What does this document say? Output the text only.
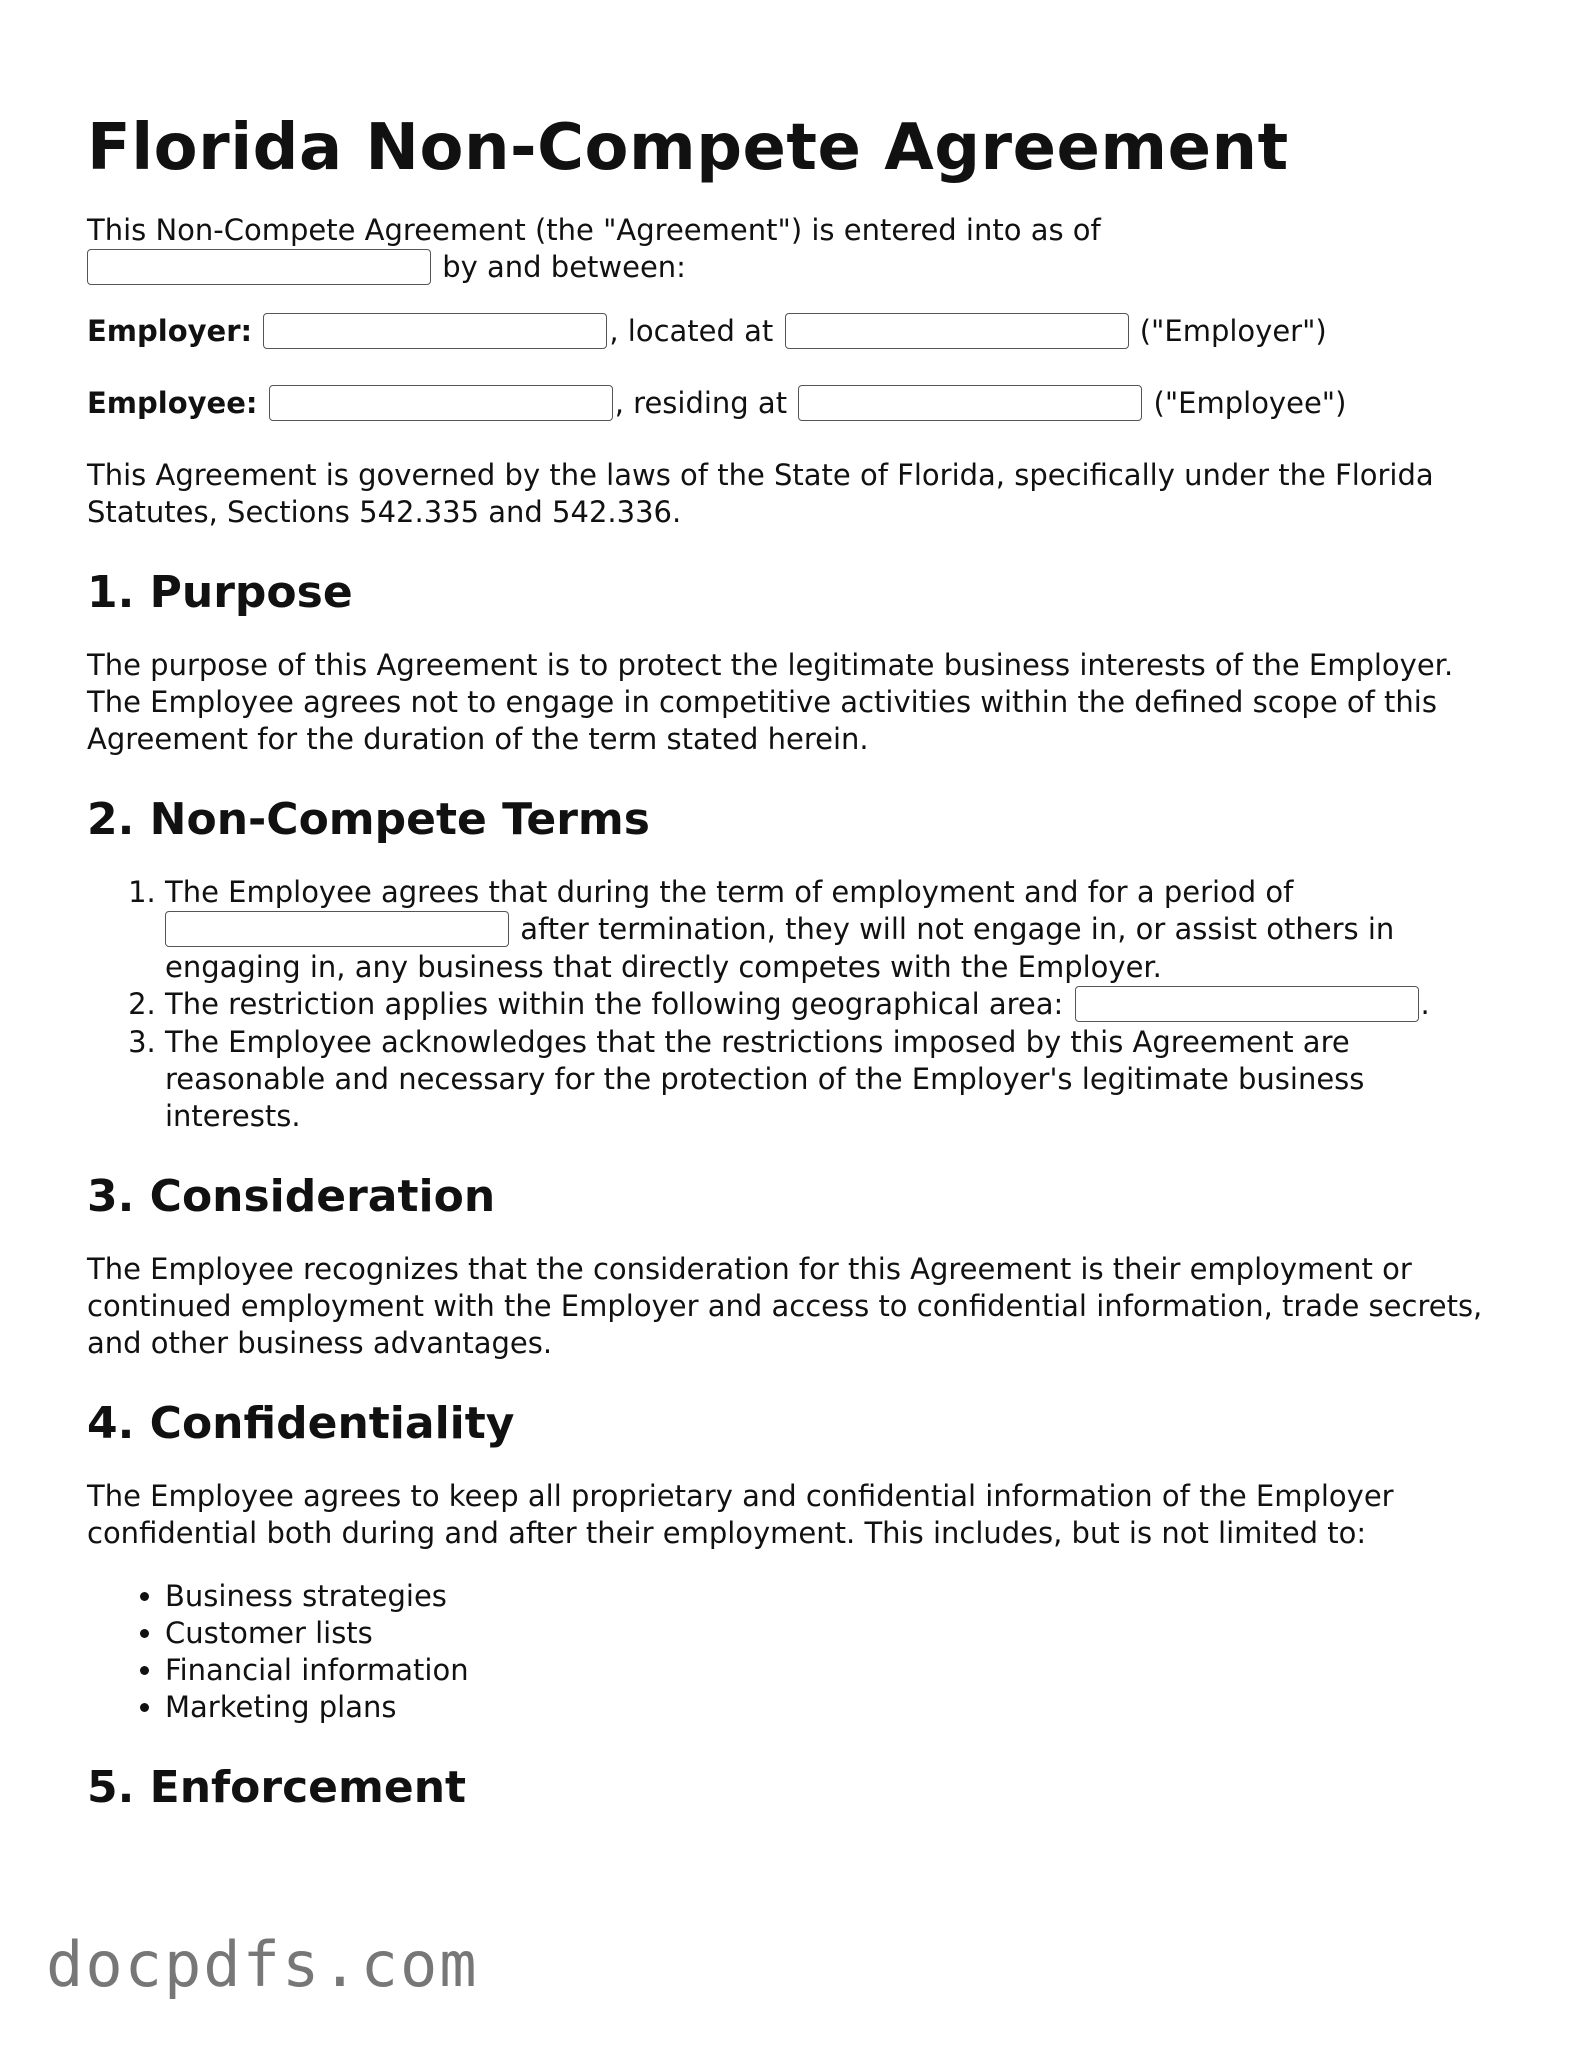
Florida Non-Compete Agreement

This Non-Compete Agreement (the "Agreement") is entered into as of
by and between:

Employer:	, located at	("Employer")

Employee:	, residing at	("Employee")

This Agreement is governed by the laws of the State of Florida, specifically under the Florida Statutes, Sections 542.335 and 542.336.

1. Purpose

The purpose of this Agreement is to protect the legitimate business interests of the Employer. The Employee agrees not to engage in competitive activities within the defined scope of this Agreement for the duration of the term stated herein.

2. Non-Compete Terms
1. The Employee agrees that during the term of employment and for a period of
after termination, they will not engage in, or assist others in engaging in, any business that directly competes with the Employer.
2. The restriction applies within the following geographical area:	.
3. The Employee acknowledges that the restrictions imposed by this Agreement are reasonable and necessary for the protection of the Employer's legitimate business interests.
3. Consideration

The Employee recognizes that the consideration for this Agreement is their employment or continued employment with the Employer and access to confidential information, trade secrets, and other business advantages.

4. Confidentiality

The Employee agrees to keep all proprietary and confidential information of the Employer confidential both during and after their employment. This includes, but is not limited to:

• Business strategies
• Customer lists
• Financial information
• Marketing plans
5. Enforcement
docpdfs.com
